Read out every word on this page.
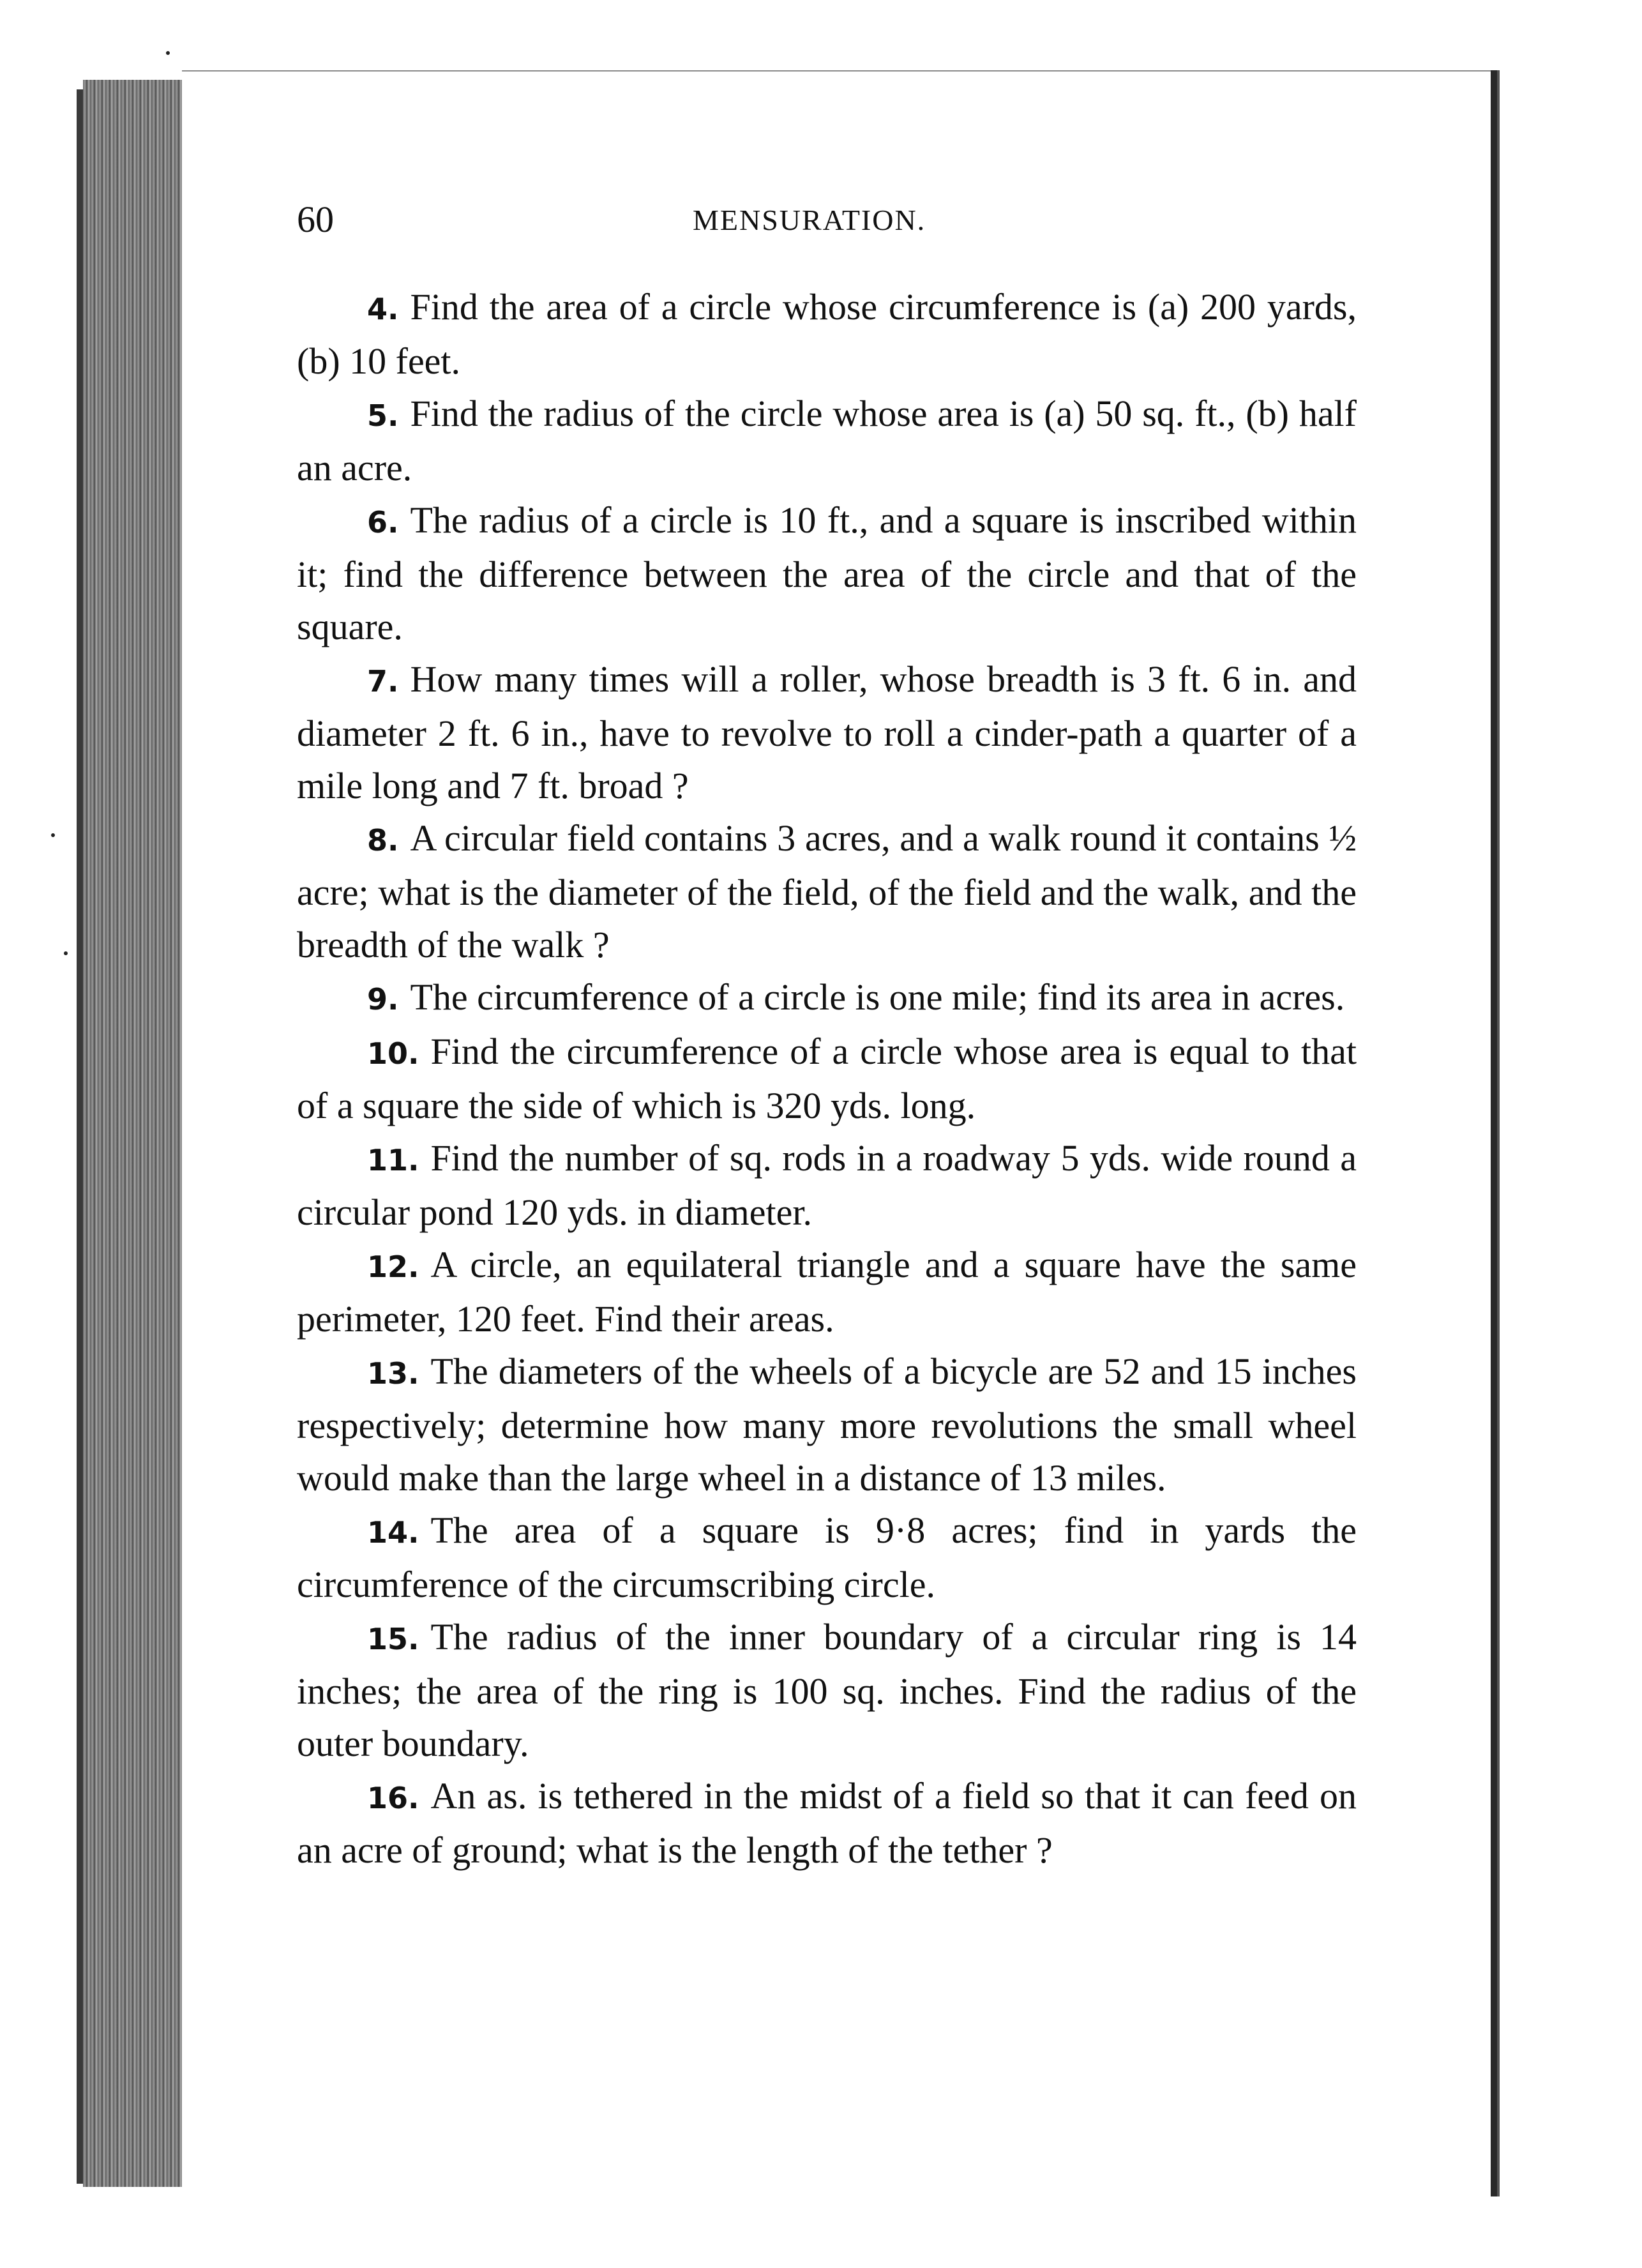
60	MENSURATION.

4. Find the area of a circle whose circumference is (a) 200 yards, (b) 10 feet.

5. Find the radius of the circle whose area is (a) 50 sq. ft., (b) half an acre.

6. The radius of a circle is 10 ft., and a square is inscribed within it; find the difference between the area of the circle and that of the square.

7. How many times will a roller, whose breadth is 3 ft. 6 in. and diameter 2 ft. 6 in., have to revolve to roll a cinder-path a quarter of a mile long and 7 ft. broad ?

8. A circular field contains 3 acres, and a walk round it contains ½ acre; what is the diameter of the field, of the field and the walk, and the breadth of the walk ?

9. The circumference of a circle is one mile; find its area in acres.

10. Find the circumference of a circle whose area is equal to that of a square the side of which is 320 yds. long.

11. Find the number of sq. rods in a roadway 5 yds. wide round a circular pond 120 yds. in diameter.

12. A circle, an equilateral triangle and a square have the same perimeter, 120 feet. Find their areas.

13. The diameters of the wheels of a bicycle are 52 and 15 inches respectively; determine how many more revolutions the small wheel would make than the large wheel in a distance of 13 miles.

14. The area of a square is 9·8 acres; find in yards the circumference of the circumscribing circle.

15. The radius of the inner boundary of a circular ring is 14 inches; the area of the ring is 100 sq. inches. Find the radius of the outer boundary.

16. An as. is tethered in the midst of a field so that it can feed on an acre of ground; what is the length of the tether ?
